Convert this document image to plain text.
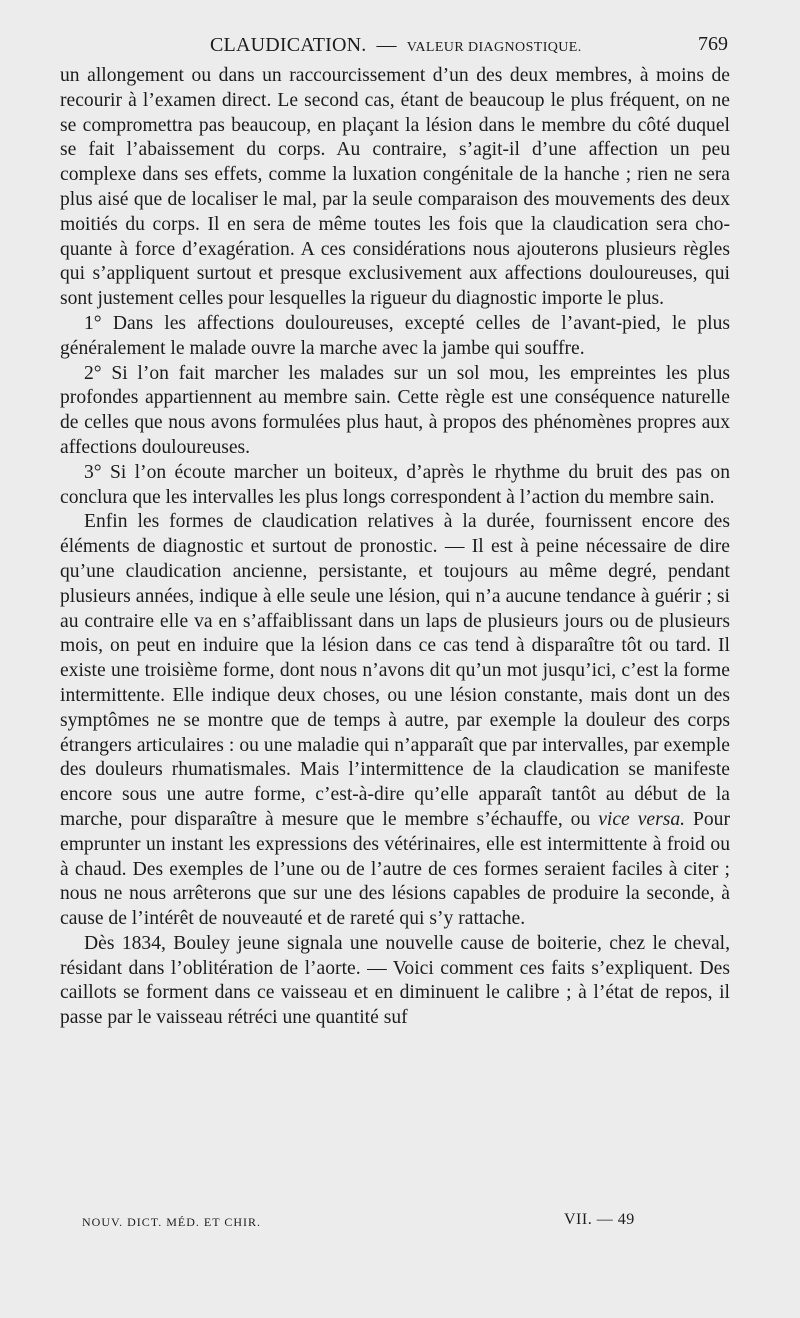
CLAUDICATION. — VALEUR DIAGNOSTIQUE.	769

un allongement ou dans un raccourcissement d’un des deux membres, à moins de recourir à l’examen direct. Le second cas, étant de beaucoup le plus fréquent, on ne se compromettra pas beaucoup, en plaçant la lésion dans le membre du côté duquel se fait l’abaissement du corps. Au contraire, s’agit-il d’une affection un peu complexe dans ses effets, comme la luxation congénitale de la hanche ; rien ne sera plus aisé que de localiser le mal, par la seule comparaison des mouvements des deux moitiés du corps. Il en sera de même toutes les fois que la claudication sera choquante à force d’exagération. A ces considérations nous ajouterons plusieurs règles qui s’appliquent surtout et presque exclusivement aux affections douloureuses, qui sont justement celles pour lesquelles la rigueur du diagnostic importe le plus.

1° Dans les affections douloureuses, excepté celles de l’avant-pied, le plus généralement le malade ouvre la marche avec la jambe qui souffre.

2° Si l’on fait marcher les malades sur un sol mou, les empreintes les plus profondes appartiennent au membre sain. Cette règle est une conséquence naturelle de celles que nous avons formulées plus haut, à propos des phénomènes propres aux affections douloureuses.

3° Si l’on écoute marcher un boiteux, d’après le rhythme du bruit des pas on conclura que les intervalles les plus longs correspondent à l’action du membre sain.

Enfin les formes de claudication relatives à la durée, fournissent encore des éléments de diagnostic et surtout de pronostic. — Il est à peine nécessaire de dire qu’une claudication ancienne, persistante, et toujours au même degré, pendant plusieurs années, indique à elle seule une lésion, qui n’a aucune tendance à guérir ; si au contraire elle va en s’affaiblissant dans un laps de plusieurs jours ou de plusieurs mois, on peut en induire que la lésion dans ce cas tend à disparaître tôt ou tard. Il existe une troisième forme, dont nous n’avons dit qu’un mot jusqu’ici, c’est la forme intermittente. Elle indique deux choses, ou une lésion constante, mais dont un des symptômes ne se montre que de temps à autre, par exemple la douleur des corps étrangers articulaires : ou une maladie qui n’apparaît que par intervalles, par exemple des douleurs rhumatismales. Mais l’intermittence de la claudication se manifeste encore sous une autre forme, c’est-à-dire qu’elle apparaît tantôt au début de la marche, pour disparaître à mesure que le membre s’échauffe, ou vice versa. Pour emprunter un instant les expressions des vétérinaires, elle est intermittente à froid ou à chaud. Des exemples de l’une ou de l’autre de ces formes seraient faciles à citer ; nous ne nous arrêterons que sur une des lésions capables de produire la seconde, à cause de l’intérêt de nouveauté et de rareté qui s’y rattache.

Dès 1834, Bouley jeune signala une nouvelle cause de boiterie, chez le cheval, résidant dans l’oblitération de l’aorte. — Voici comment ces faits s’expliquent. Des caillots se forment dans ce vaisseau et en diminuent le calibre ; à l’état de repos, il passe par le vaisseau rétréci une quantité suf

NOUV. DICT. MÉD. ET CHIR.	VII. — 49
